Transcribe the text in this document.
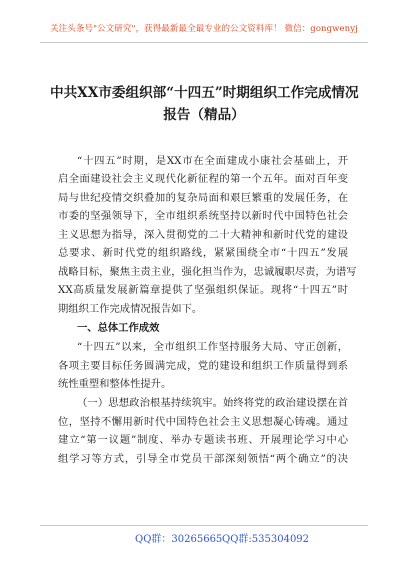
关注头条号"公文研究"，获得最新最全最专业的公文资料库！ 微信：gongwenyj
中共XX市委组织部“十四五”时期组织工作完成情况
报告（精品）
“十四五”时期，是XX市在全面建成小康社会基础上，开
启全面建设社会主义现代化新征程的第一个五年。面对百年变
局与世纪疫情交织叠加的复杂局面和艰巨繁重的发展任务，在
市委的坚强领导下，全市组织系统坚持以新时代中国特色社会
主义思想为指导，深入贯彻党的二十大精神和新时代党的建设
总要求、新时代党的组织路线，紧紧围绕全市“十四五”发展
战略目标，聚焦主责主业，强化担当作为，忠诚履职尽责，为谱写
XX高质量发展新篇章提供了坚强组织保证。现将“十四五”时
期组织工作完成情况报告如下。
一、总体工作成效
“十四五”以来，全市组织工作坚持服务大局、守正创新，
各项主要目标任务圆满完成，党的建设和组织工作质量得到系
统性重塑和整体性提升。
（一）思想政治根基持续筑牢。始终将党的政治建设摆在首
位，坚持不懈用新时代中国特色社会主义思想凝心铸魂。通过
建立“第一议题”制度、举办专题读书班、开展理论学习中心
组学习等方式，引导全市党员干部深刻领悟“两个确立”的决
QQ群：30265665 QQ群:535304092
